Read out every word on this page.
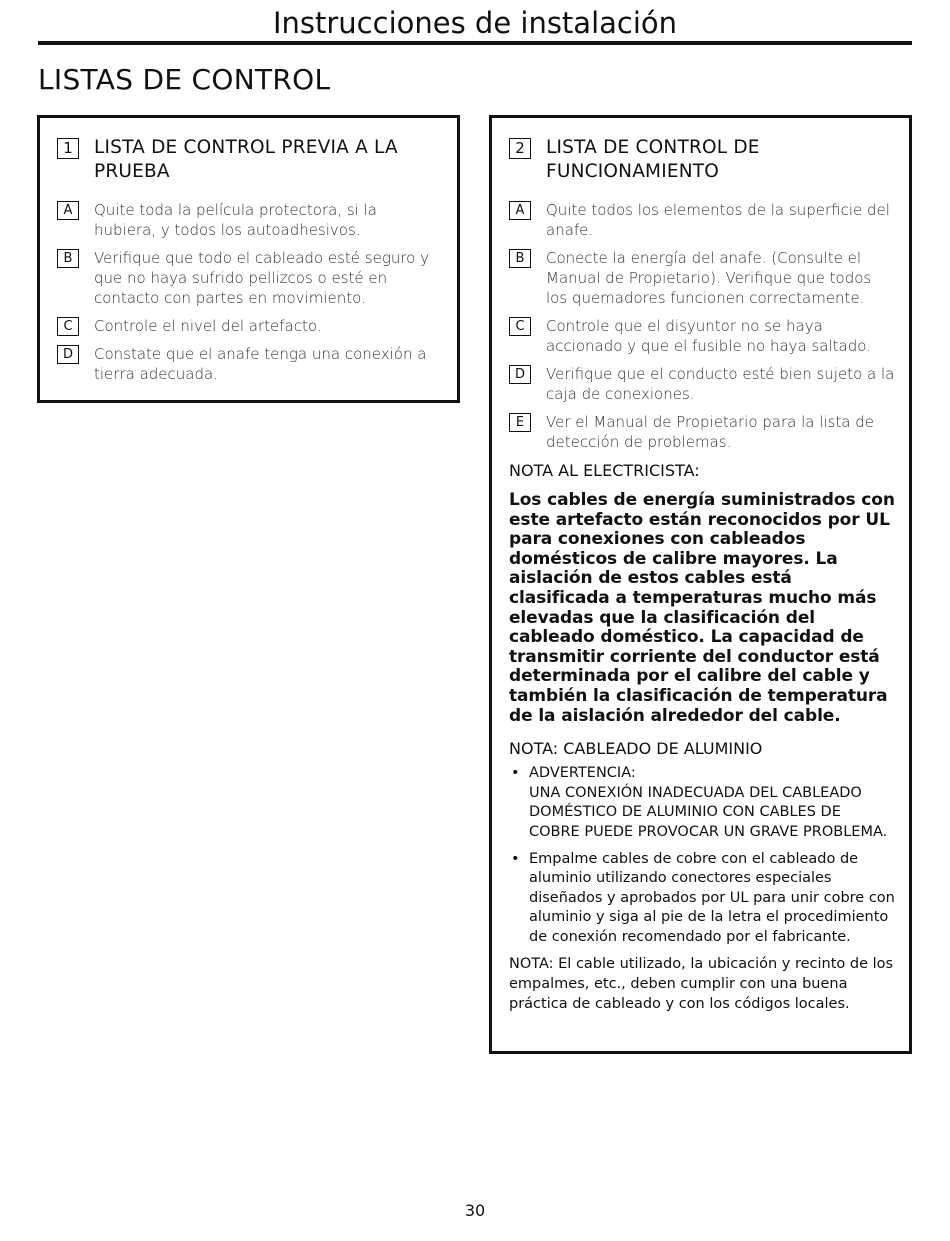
Instrucciones de instalación
LISTAS DE CONTROL
1	LISTA DE CONTROL PREVIA A LA PRUEBA
A	Quite toda la película protectora, si la hubiera, y todos los autoadhesivos.
B	Verifique que todo el cableado esté seguro y que no haya sufrido pellizcos o esté en contacto con partes en movimiento.
C	Controle el nivel del artefacto.
D	Constate que el anafe tenga una conexión a tierra adecuada.
2	LISTA DE CONTROL DE FUNCIONAMIENTO
A	Quite todos los elementos de la superficie del anafe.
B	Conecte la energía del anafe. (Consulte el Manual de Propietario). Verifique que todos los quemadores funcionen correctamente.
C	Controle que el disyuntor no se haya accionado y que el fusible no haya saltado.
D	Verifique que el conducto esté bien sujeto a la caja de conexiones.
E	Ver el Manual de Propietario para la lista de detección de problemas.
NOTA AL ELECTRICISTA:
Los cables de energía suministrados con este artefacto están reconocidos por UL para conexiones con cableados domésticos de calibre mayores. La aislación de estos cables está clasificada a temperaturas mucho más elevadas que la clasificación del cableado doméstico. La capacidad de transmitir corriente del conductor está determinada por el calibre del cable y también la clasificación de temperatura de la aislación alrededor del cable.
NOTA: CABLEADO DE ALUMINIO
• ADVERTENCIA:
UNA CONEXIÓN INADECUADA DEL CABLEADO DOMÉSTICO DE ALUMINIO CON CABLES DE COBRE PUEDE PROVOCAR UN GRAVE PROBLEMA.
• Empalme cables de cobre con el cableado de aluminio utilizando conectores especiales diseñados y aprobados por UL para unir cobre con aluminio y siga al pie de la letra el procedimiento de conexión recomendado por el fabricante.
NOTA: El cable utilizado, la ubicación y recinto de los empalmes, etc., deben cumplir con una buena práctica de cableado y con los códigos locales.
30
